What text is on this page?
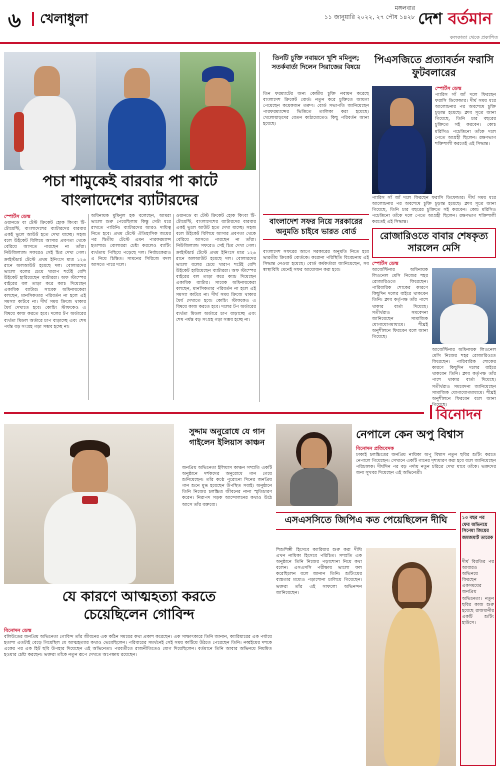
৬	খেলাধুলা
মঙ্গলবার
১১ জানুয়ারি ২০২২, ২৭ পৌষ ১৪২৮ দেশ বর্তমান
কলকাতা থেকে প্রকাশিত
পচা শামুকেই বারবার পা কাটে
বাংলাদেশের ব্যাটারদের
স্পোর্টস ডেস্ক
ওয়ানডে বা টেস্ট ক্রিকেট হোক কিংবা টি-টোয়েন্টি, বাংলাদেশের ব্যাটারদের বারবার একই ভুলে আউট হতে দেখা যাচ্ছে। সহজ বলে উইকেট বিলিয়ে আসার প্রবণতা থেকে বেরিয়ে আসতে পারছেন না তাঁরা। নিউজিল্যান্ড সফরেও সেই চিত্র দেখা গেল। ক্রাইস্টচার্চ টেস্টে প্রথম ইনিংসে মাত্র ১২৬ রানে অলআউট হয়েছে দল। বোলারদের ভালো বলের চেয়ে খারাপ শটেই বেশি উইকেট হারিয়েছেন ব্যাটাররা। অফ স্টাম্পের বাইরের বল তাড়া করে ক্যাচ দিয়েছেন একাধিক ব্যাটার। সাবেক অধিনায়কেরা বলছেন, মানসিকতার পরিবর্তন না হলে এই সমস্যা কাটবে না। দীর্ঘ সময় ক্রিজে থাকার ধৈর্য দেখাতে হবে। কোচিং স্টাফকেও এ বিষয়ে কাজ করতে হবে। দলের টপ অর্ডারের ব্যর্থতা মিডল অর্ডারে চাপ বাড়াচ্ছে এবং শেষ পর্যন্ত বড় সংগ্রহ গড়া সম্ভব হচ্ছে না।
অধিনায়ক মুমিনুল হক বলেছেন, আমরা ভালো শুরু পেয়েছিলাম কিন্তু সেটা ধরে রাখতে পারিনি। ব্যাটারদের আরও দায়িত্ব নিতে হবে। প্রথম টেস্টে ঐতিহাসিক জয়ের পর দ্বিতীয় টেস্টে এমন পারফরম্যান্স হতাশার। বোলাররা চেষ্টা করলেও ব্যাটিং ব্যর্থতায় পিছিয়ে পড়েছে দল। নির্বাচকেরাও এ নিয়ে চিন্তিত। সামনের সিরিজে বদল আসতে পারে দলে।
ওয়ানডে বা টেস্ট ক্রিকেট হোক কিংবা টি-টোয়েন্টি, বাংলাদেশের ব্যাটারদের বারবার একই ভুলে আউট হতে দেখা যাচ্ছে। সহজ বলে উইকেট বিলিয়ে আসার প্রবণতা থেকে বেরিয়ে আসতে পারছেন না তাঁরা। নিউজিল্যান্ড সফরেও সেই চিত্র দেখা গেল। ক্রাইস্টচার্চ টেস্টে প্রথম ইনিংসে মাত্র ১২৬ রানে অলআউট হয়েছে দল। বোলারদের ভালো বলের চেয়ে খারাপ শটেই বেশি উইকেট হারিয়েছেন ব্যাটাররা। অফ স্টাম্পের বাইরের বল তাড়া করে ক্যাচ দিয়েছেন একাধিক ব্যাটার। সাবেক অধিনায়কেরা বলছেন, মানসিকতার পরিবর্তন না হলে এই সমস্যা কাটবে না। দীর্ঘ সময় ক্রিজে থাকার ধৈর্য দেখাতে হবে। কোচিং স্টাফকেও এ বিষয়ে কাজ করতে হবে। দলের টপ অর্ডারের ব্যর্থতা মিডল অর্ডারে চাপ বাড়াচ্ছে এবং শেষ পর্যন্ত বড় সংগ্রহ গড়া সম্ভব হচ্ছে না।
তিনটি চুক্তি নবায়নে খুশি মমিনুল; সতর্কবার্তা দিলেন সিরাজের বিষয়ে
তিন ফরম্যাটের জন্য কেন্দ্রীয় চুক্তি নবায়ন করেছে বাংলাদেশ ক্রিকেট বোর্ড। নতুন করে চুক্তিতে জায়গা পেয়েছেন কয়েকজন তরুণ। বোর্ড সভাপতি জানিয়েছেন পারফরম্যান্সের ভিত্তিতে তালিকা করা হয়েছে। খেলোয়াড়দের বেতন কাঠামোতেও কিছু পরিবর্তন আনা হয়েছে।
বাংলাদেশ সফর নিয়ে সরকারের অনুমতি চাইবে ভারত বোর্ড
বাংলাদেশ সফরের আগে সরকারের অনুমতি নিতে হবে ভারতীয় ক্রিকেট বোর্ডকে। করোনা পরিস্থিতি বিবেচনায় এই সিদ্ধান্ত নেওয়া হয়েছে। বোর্ড কর্মকর্তারা জানিয়েছেন, সব স্বাস্থ্যবিধি মেনেই সফর আয়োজন করা হবে।
পিএসজিতে প্রত্যাবর্তন ফরাসি ফুটবলারের
স্পোর্টস ডেস্ক
প্যারিস সাঁ জাঁ দলে ফিরছেন ফরাসি ডিফেন্ডার। দীর্ঘ সময় ধরে আলোচনার পর অবশেষে চুক্তি চূড়ান্ত হয়েছে। ক্লাব সূত্রে জানা গিয়েছে, তিনি চার বছরের চুক্তিতে সই করবেন। কোচ মরিসিও পচেত্তিনো তাঁকে দলে পেতে আগ্রহী ছিলেন। রক্ষণভাগ শক্তিশালী করতেই এই সিদ্ধান্ত।
প্যারিস সাঁ জাঁ দলে ফিরছেন ফরাসি ডিফেন্ডার। দীর্ঘ সময় ধরে আলোচনার পর অবশেষে চুক্তি চূড়ান্ত হয়েছে। ক্লাব সূত্রে জানা গিয়েছে, তিনি চার বছরের চুক্তিতে সই করবেন। কোচ মরিসিও পচেত্তিনো তাঁকে দলে পেতে আগ্রহী ছিলেন। রক্ষণভাগ শক্তিশালী করতেই এই সিদ্ধান্ত।
রোজারিওতে বাবার শেষকৃত্য সারলেন মেসি
স্পোর্টস ডেস্ক
আর্জেন্টিনার অধিনায়ক লিওনেল মেসি নিজের শহর রোজারিওতে ফিরেছেন। পারিবারিক শোকের কারণে কিছুদিন দলের বাইরে থাকবেন তিনি। ক্লাব কর্তৃপক্ষ তাঁর পাশে থাকার বার্তা দিয়েছে। সতীর্থরাও সমবেদনা জানিয়েছেন সামাজিক যোগাযোগমাধ্যমে। শীঘ্রই অনুশীলনে ফিরবেন বলে জানা গিয়েছে।
আর্জেন্টিনার অধিনায়ক লিওনেল মেসি নিজের শহর রোজারিওতে ফিরেছেন। পারিবারিক শোকের কারণে কিছুদিন দলের বাইরে থাকবেন তিনি। ক্লাব কর্তৃপক্ষ তাঁর পাশে থাকার বার্তা দিয়েছে। সতীর্থরাও সমবেদনা জানিয়েছেন সামাজিক যোগাযোগমাধ্যমে। শীঘ্রই অনুশীলনে ফিরবেন বলে জানা গিয়েছে।
বিনোদন
সুদ্দাম অনুরোধে যে গান গাইলেন ইলিয়াস কাঞ্চন
জনপ্রিয় অভিনেতা ইলিয়াস কাঞ্চন সম্প্রতি একটি অনুষ্ঠানে দর্শকদের অনুরোধে গান গেয়ে শুনিয়েছেন। তাঁর কণ্ঠে পুরোনো দিনের জনপ্রিয় গান শুনে মুগ্ধ হয়েছেন উপস্থিত সবাই। অনুষ্ঠানে তিনি নিজের চলচ্চিত্র জীবনের নানা স্মৃতিচারণ করেন। নিরাপদ সড়ক আন্দোলনের কথাও উঠে আসে তাঁর বক্তব্যে।
নেপালে কেন অপু বিশ্বাস
বিনোদন প্রতিবেদক
ঢাকাই চলচ্চিত্রের জনপ্রিয় নায়িকা অপু বিশ্বাস নতুন ছবির শুটিং করতে নেপালে গিয়েছেন। সেখানে একটি গানের দৃশ্যধারণ করা হবে বলে জানিয়েছেন পরিচালক। দীর্ঘদিন পর বড় পর্দায় নতুন চরিত্রে দেখা যাবে তাঁকে। ভক্তদের জন্য সুখবর দিয়েছেন এই অভিনেত্রী।
এসএসসিতে জিপিএ কত পেয়েছিলেন দীঘি
শিশুশিল্পী হিসেবে ক্যারিয়ার শুরু করা দীঘি এখন নায়িকা হিসেবে পরিচিত। সম্প্রতি এক অনুষ্ঠানে তিনি নিজের পড়াশোনা নিয়ে কথা বলেন। এসএসসি পরীক্ষায় ভালো ফল করেছিলেন বলে জানান তিনি। শুটিংয়ের ব্যস্ততার মধ্যেও পড়াশোনা চালিয়ে গিয়েছেন। ভক্তরা তাঁর এই সাফল্যে অভিনন্দন জানিয়েছেন।
১৩ বছর পর ফের অভিনয়ে সিনেমা জিয়ের জমজমাট তারেক
দীর্ঘ বিরতির পর আবারও অভিনয়ে ফিরছেন একসময়ের জনপ্রিয় অভিনেতা। নতুন ছবির কাজ শুরু হয়েছে রাজধানীর একটি শুটিং হাউসে।
যে কারণে আত্মহত্যা করতে
চেয়েছিলেন গোবিন্দ
বিনোদন ডেস্ক
বলিউডের জনপ্রিয় অভিনেতা গোবিন্দ তাঁর জীবনের এক কঠিন সময়ের কথা প্রকাশ করেছেন। এক সাক্ষাৎকারে তিনি জানান, ক্যারিয়ারের এক পর্যায়ে হতাশা এতটাই বেড়ে গিয়েছিল যে আত্মহত্যার কথাও ভেবেছিলেন। পরিবারের সমর্থনেই সেই সময় কাটিয়ে উঠতে পেরেছেন তিনি। নব্বইয়ের দশকে একের পর এক হিট ছবি উপহার দিয়েছেন এই অভিনেতা। পরবর্তীতে রাজনীতিতেও যোগ দিয়েছিলেন। বর্তমানে তিনি আবার অভিনয়ে নিয়মিত হওয়ার চেষ্টা করছেন। ভক্তরা তাঁকে নতুন রূপে দেখতে অপেক্ষায় রয়েছেন।
